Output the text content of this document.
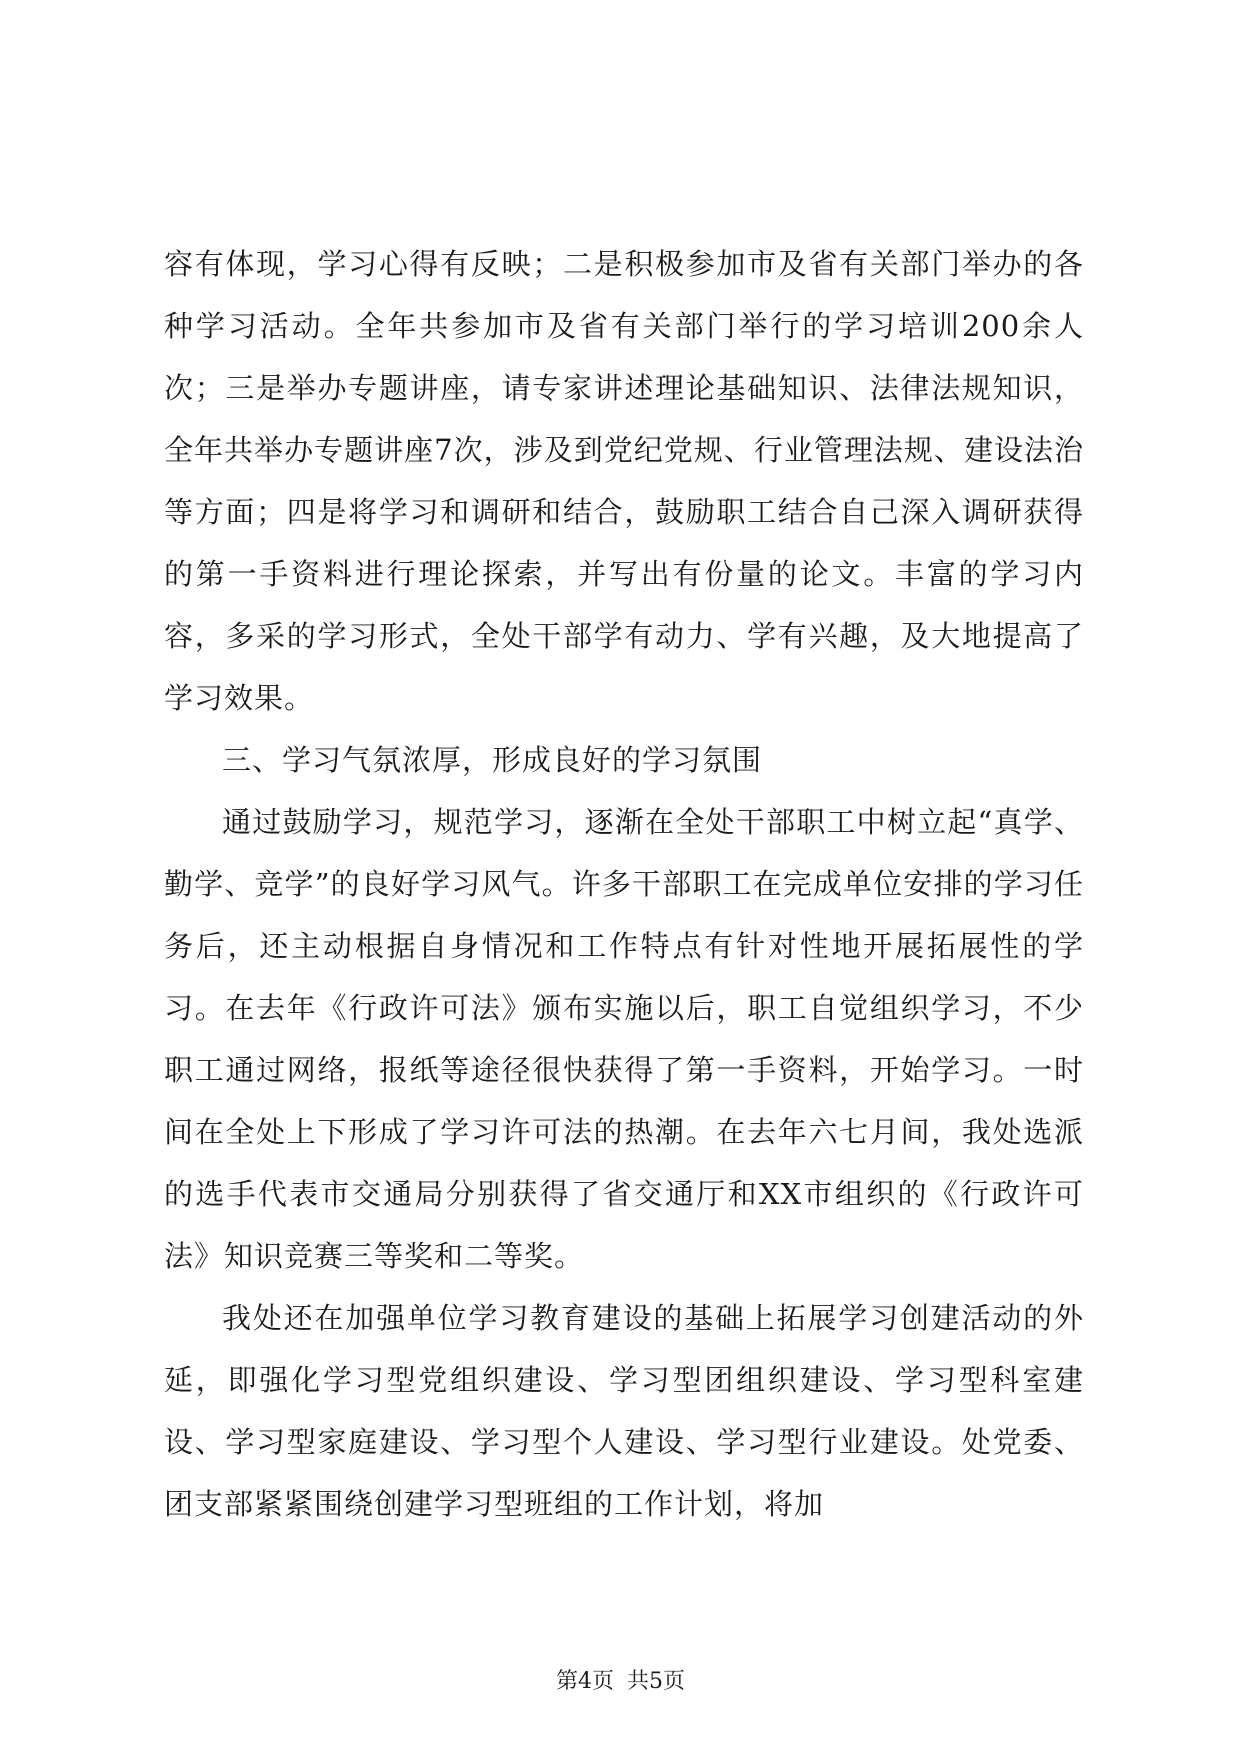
容有体现，学习心得有反映；二是积极参加市及省有关部门举办的各种学习活动。全年共参加市及省有关部门举行的学习培训200余人次；三是举办专题讲座，请专家讲述理论基础知识、法律法规知识，全年共举办专题讲座7次，涉及到党纪党规、行业管理法规、建设法治等方面；四是将学习和调研和结合，鼓励职工结合自己深入调研获得的第一手资料进行理论探索，并写出有份量的论文。丰富的学习内容，多采的学习形式，全处干部学有动力、学有兴趣，及大地提高了学习效果。

三、学习气氛浓厚，形成良好的学习氛围

通过鼓励学习，规范学习，逐渐在全处干部职工中树立起“真学、勤学、竞学”的良好学习风气。许多干部职工在完成单位安排的学习任务后，还主动根据自身情况和工作特点有针对性地开展拓展性的学习。在去年《行政许可法》颁布实施以后，职工自觉组织学习，不少职工通过网络，报纸等途径很快获得了第一手资料，开始学习。一时间在全处上下形成了学习许可法的热潮。在去年六七月间，我处选派的选手代表市交通局分别获得了省交通厅和XX市组织的《行政许可法》知识竞赛三等奖和二等奖。

我处还在加强单位学习教育建设的基础上拓展学习创建活动的外延，即强化学习型党组织建设、学习型团组织建设、学习型科室建设、学习型家庭建设、学习型个人建设、学习型行业建设。处党委、团支部紧紧围绕创建学习型班组的工作计划，将加

第4页 共5页
